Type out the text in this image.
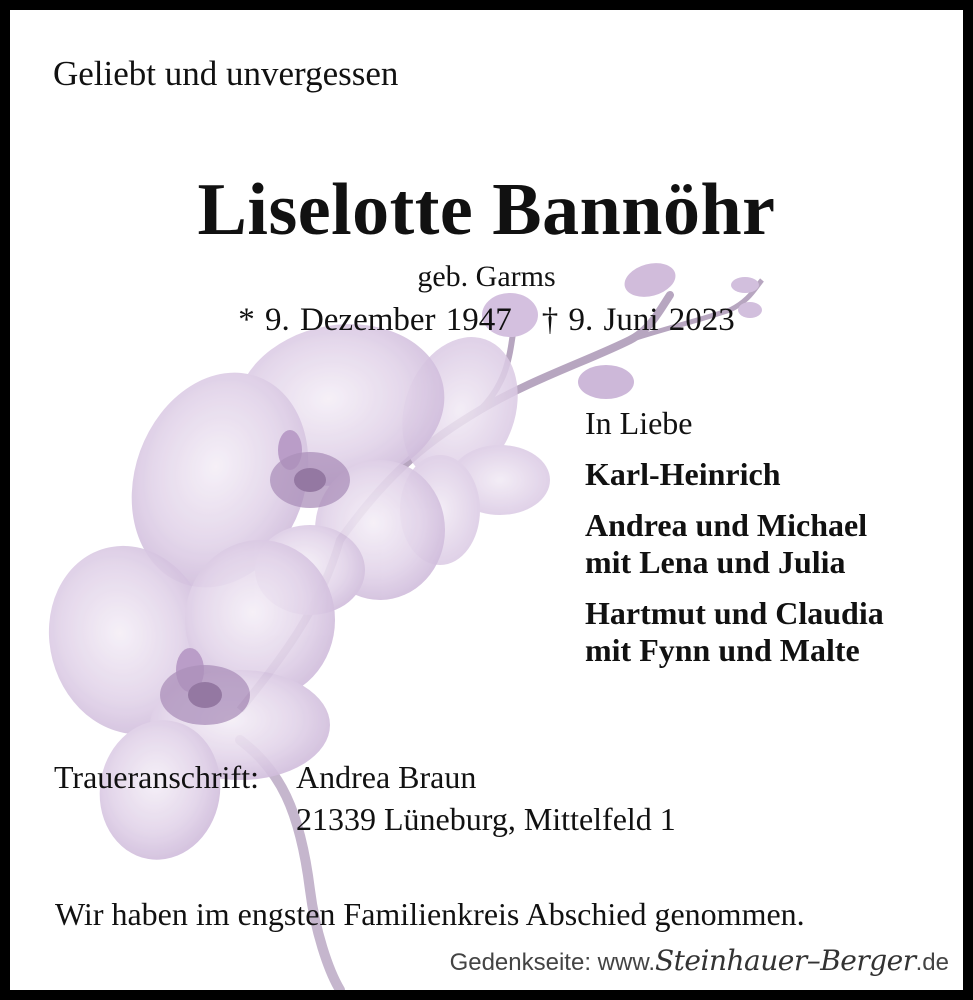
Geliebt und unvergessen
Liselotte Bannöhr
geb. Garms
* 9. Dezember 1947 † 9. Juni 2023
In Liebe
Karl-Heinrich
Andrea und Michael
mit Lena und Julia
Hartmut und Claudia
mit Fynn und Malte
Traueranschrift: Andrea Braun
21339 Lüneburg, Mittelfeld 1
Wir haben im engsten Familienkreis Abschied genommen.
Gedenkseite: www.Steinhauer–Berger.de
